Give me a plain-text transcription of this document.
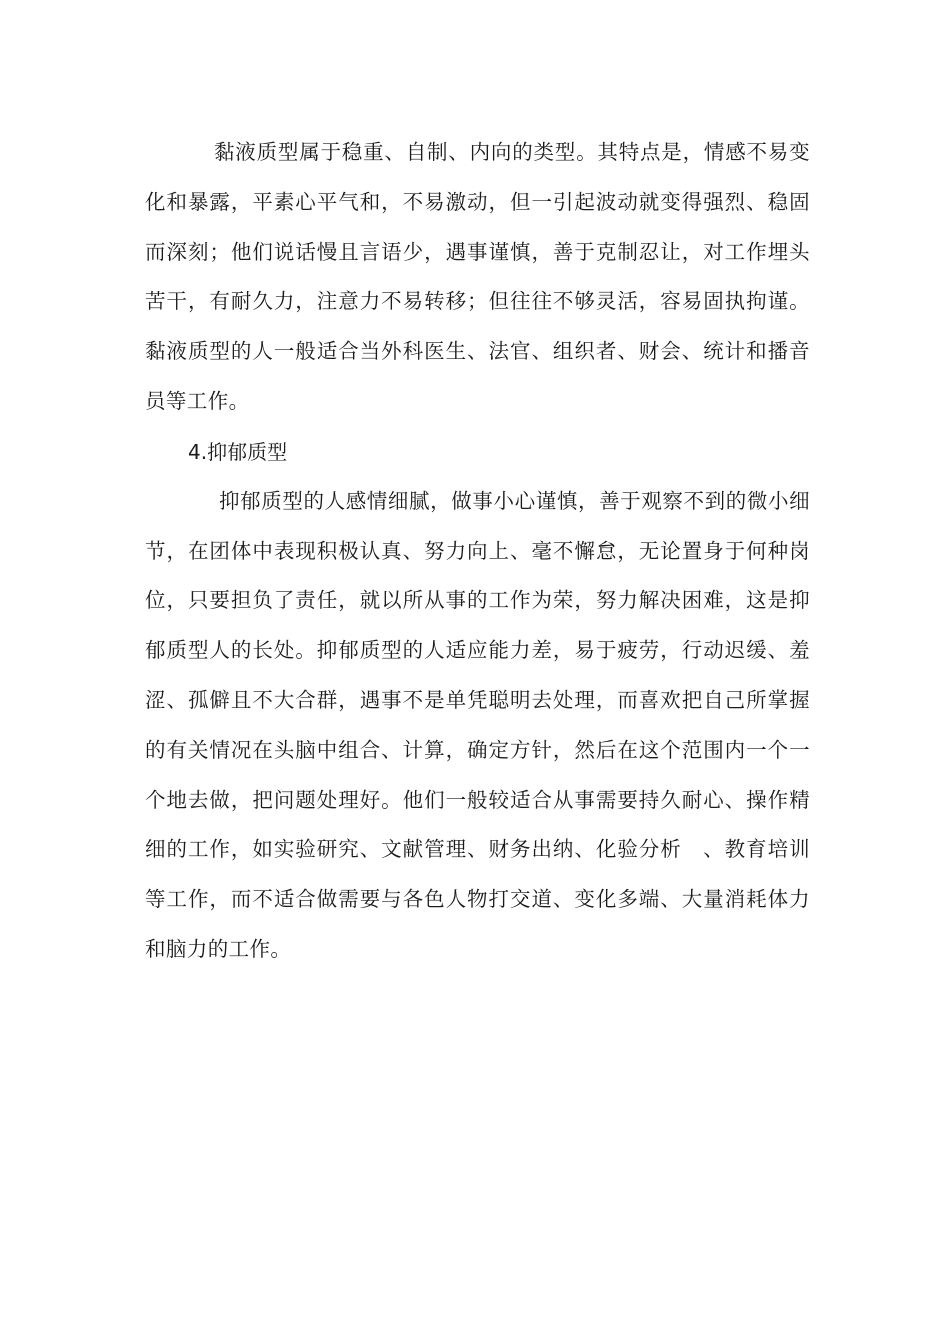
黏液质型属于稳重、自制、内向的类型。其特点是，情感不易变化和暴露，平素心平气和，不易激动，但一引起波动就变得强烈、稳固而深刻；他们说话慢且言语少，遇事谨慎，善于克制忍让，对工作埋头苦干，有耐久力，注意力不易转移；但往往不够灵活，容易固执拘谨。黏液质型的人一般适合当外科医生、法官、组织者、财会、统计和播音员等工作。

4.抑郁质型

抑郁质型的人感情细腻，做事小心谨慎，善于观察不到的微小细节，在团体中表现积极认真、努力向上、毫不懈怠，无论置身于何种岗位，只要担负了责任，就以所从事的工作为荣，努力解决困难，这是抑郁质型人的长处。抑郁质型的人适应能力差，易于疲劳，行动迟缓、羞涩、孤僻且不大合群，遇事不是单凭聪明去处理，而喜欢把自己所掌握的有关情况在头脑中组合、计算，确定方针，然后在这个范围内一个一个地去做，把问题处理好。他们一般较适合从事需要持久耐心、操作精细的工作，如实验研究、文献管理、财务出纳、化验分析　、教育培训等工作，而不适合做需要与各色人物打交道、变化多端、大量消耗体力和脑力的工作。
